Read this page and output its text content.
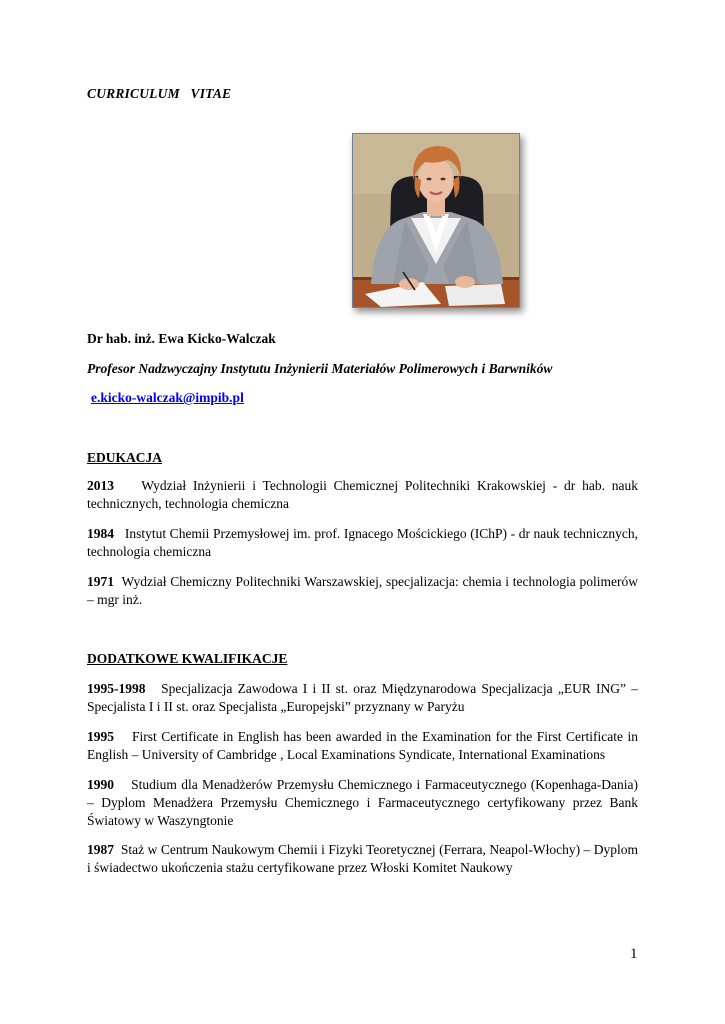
CURRICULUM   VITAE
Dr hab. inż. Ewa Kicko-Walczak
Profesor Nadzwyczajny Instytutu Inżynierii Materiałów Polimerowych i Barwników
e.kicko-walczak@impib.pl
EDUKACJA
2013 Wydział Inżynierii i Technologii Chemicznej Politechniki Krakowskiej - dr hab. nauk technicznych, technologia chemiczna
1984 Instytut Chemii Przemysłowej im. prof. Ignacego Mościckiego (IChP) - dr nauk technicznych, technologia chemiczna
1971 Wydział Chemiczny Politechniki Warszawskiej, specjalizacja: chemia i technologia polimerów – mgr inż.
DODATKOWE KWALIFIKACJE
1995-1998 Specjalizacja Zawodowa I i II st. oraz Międzynarodowa Specjalizacja „EUR ING” – Specjalista I i II st. oraz Specjalista „Europejski” przyznany w Paryżu
1995 First Certificate in English has been awarded in the Examination for the First Certificate in English – University of Cambridge , Local Examinations Syndicate, International Examinations
1990 Studium dla Menadżerów Przemysłu Chemicznego i Farmaceutycznego (Kopenhaga-Dania) – Dyplom Menadżera Przemysłu Chemicznego i Farmaceutycznego certyfikowany przez Bank Światowy w Waszyngtonie
1987 Staż w Centrum Naukowym Chemii i Fizyki Teoretycznej (Ferrara, Neapol-Włochy) – Dyplom i świadectwo ukończenia stażu certyfikowane przez Włoski Komitet Naukowy
1
